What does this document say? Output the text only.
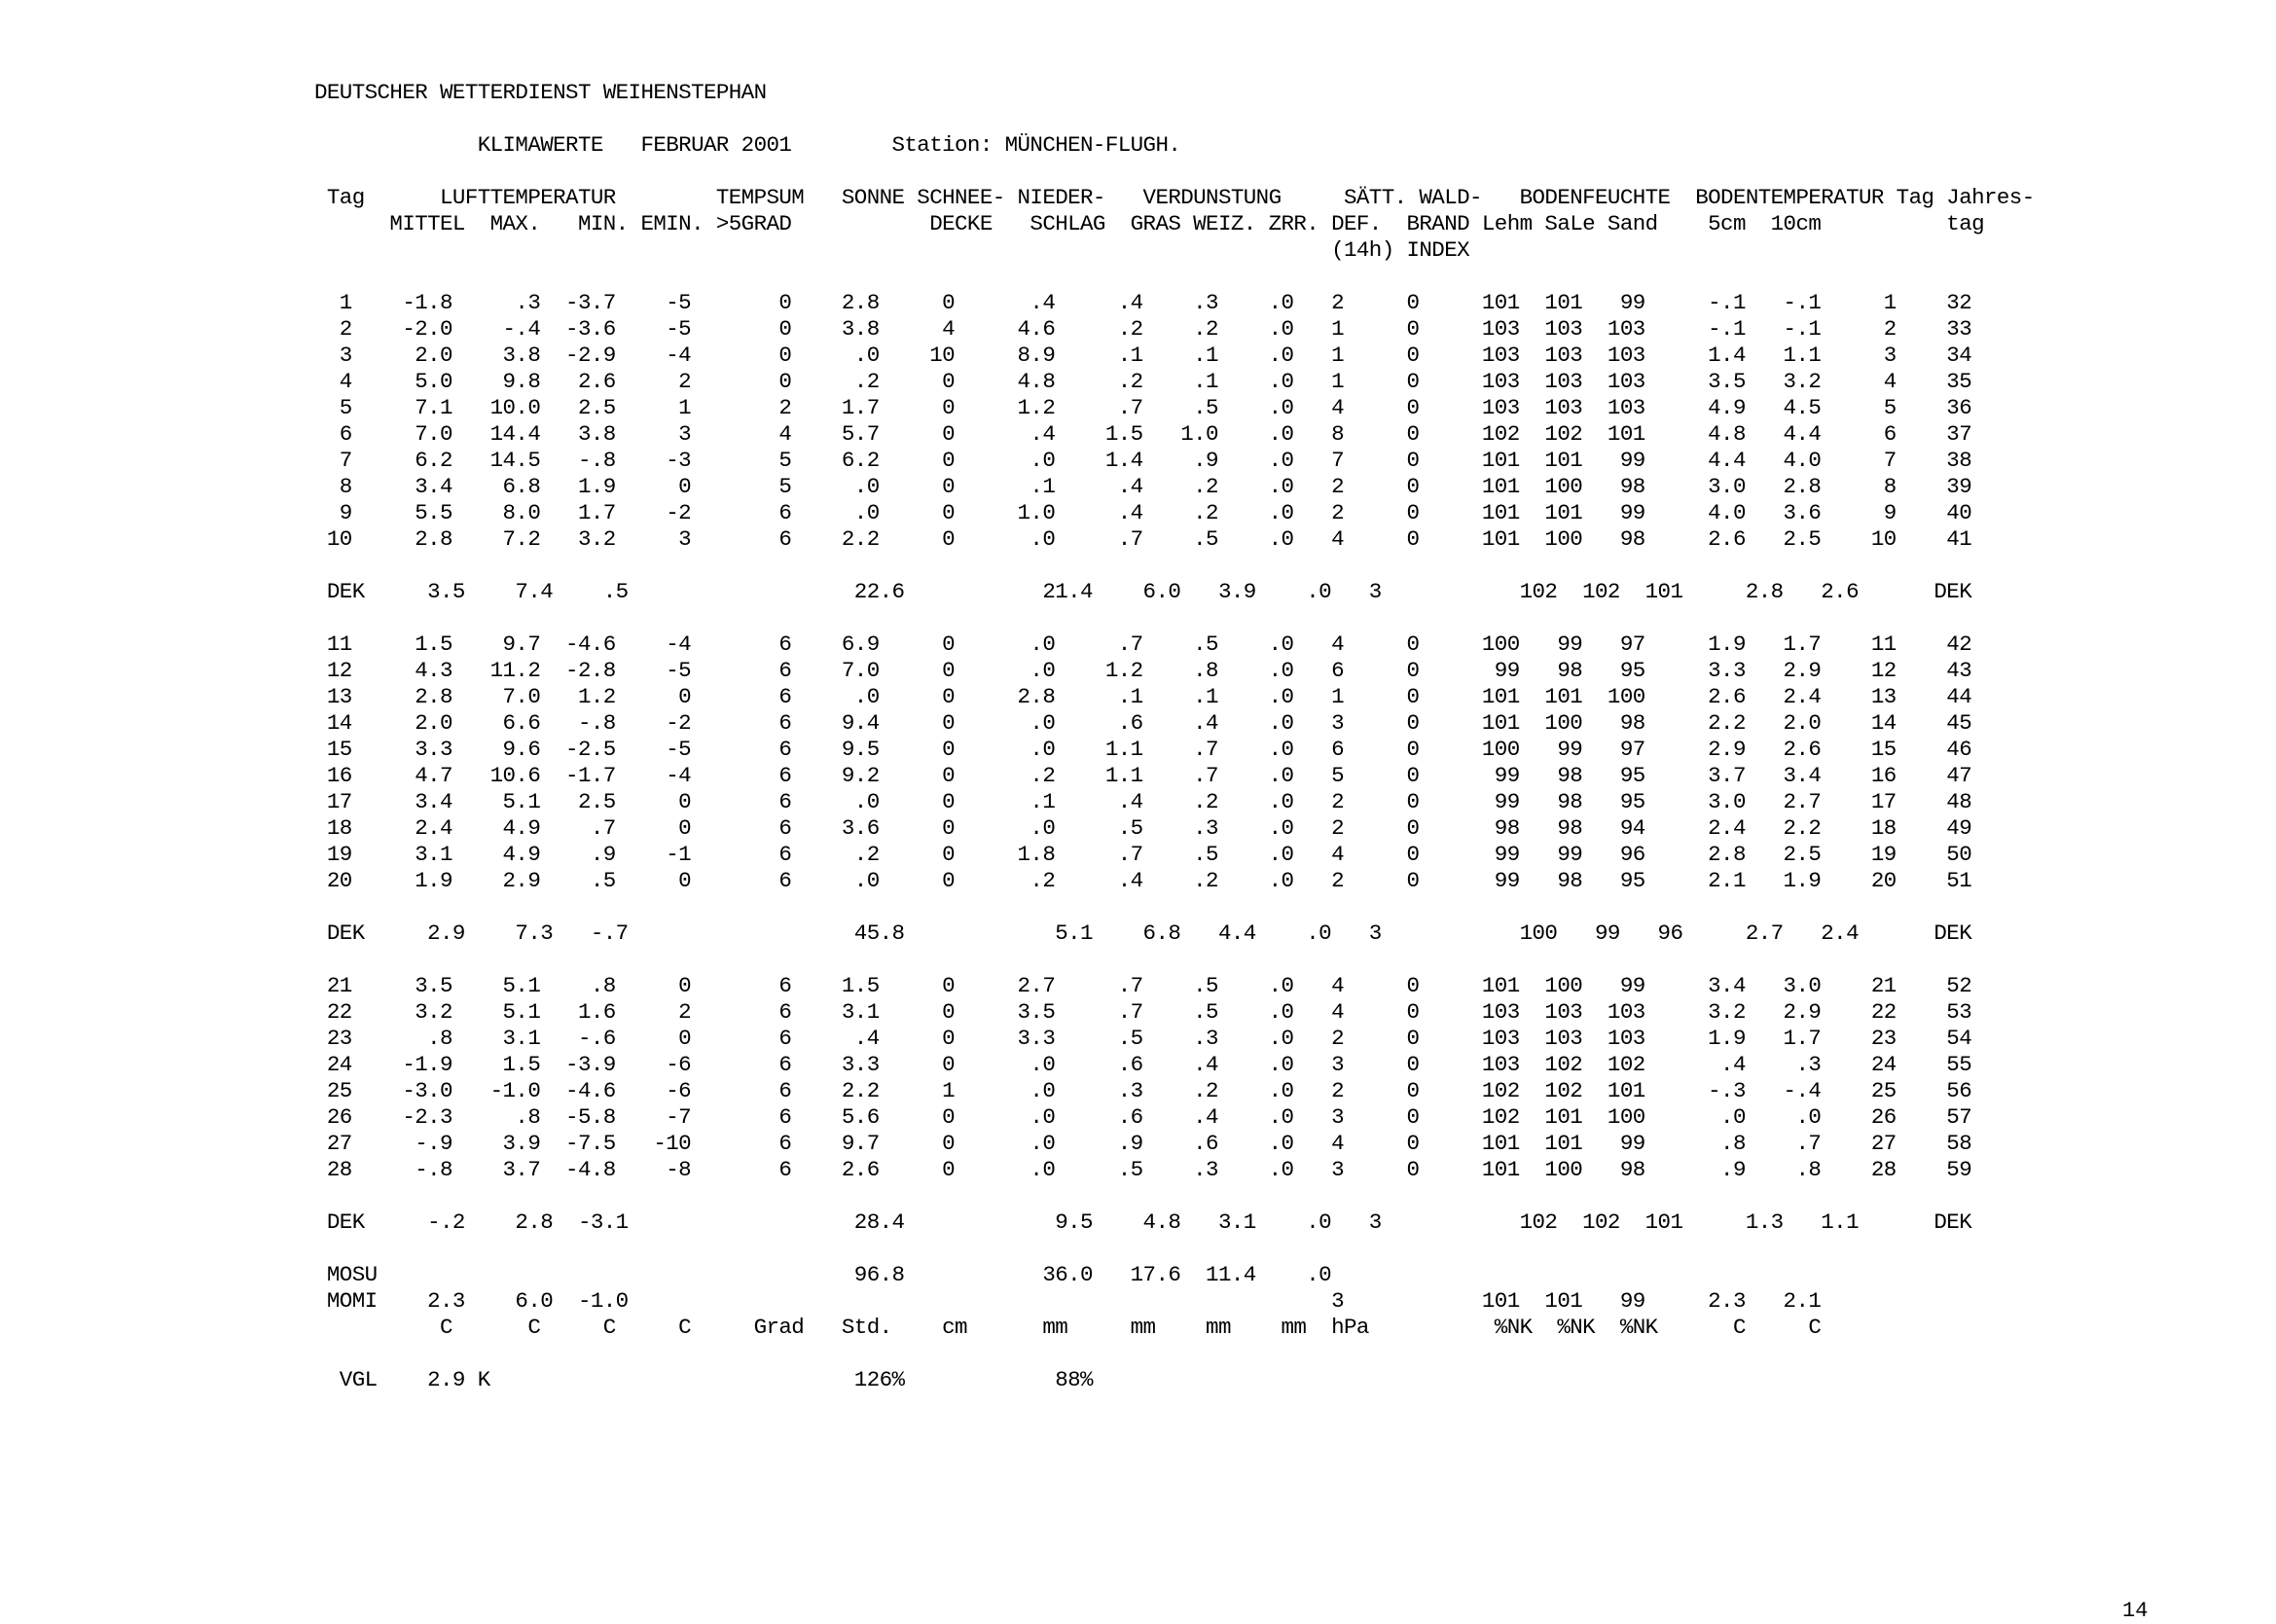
DEUTSCHER WETTERDIENST WEIHENSTEPHAN
KLIMAWERTE   FEBRUAR 2001        Station: MÜNCHEN-FLUGH.
Tag      LUFTTEMPERATUR        TEMPSUM   SONNE SCHNEE- NIEDER-   VERDUNSTUNG     SÄTT. WALD-   BODENFEUCHTE  BODENTEMPERATUR Tag Jahres-
MITTEL  MAX.   MIN. EMIN. >5GRAD           DECKE   SCHLAG  GRAS WEIZ. ZRR. DEF.  BRAND Lehm SaLe Sand    5cm  10cm          tag
(14h) INDEX
1    -1.8     .3  -3.7    -5       0    2.8     0      .4     .4    .3    .0   2     0     101  101   99     -.1   -.1     1    32
2    -2.0    -.4  -3.6    -5       0    3.8     4     4.6     .2    .2    .0   1     0     103  103  103     -.1   -.1     2    33
3     2.0    3.8  -2.9    -4       0     .0    10     8.9     .1    .1    .0   1     0     103  103  103     1.4   1.1     3    34
4     5.0    9.8   2.6     2       0     .2     0     4.8     .2    .1    .0   1     0     103  103  103     3.5   3.2     4    35
5     7.1   10.0   2.5     1       2    1.7     0     1.2     .7    .5    .0   4     0     103  103  103     4.9   4.5     5    36
6     7.0   14.4   3.8     3       4    5.7     0      .4    1.5   1.0    .0   8     0     102  102  101     4.8   4.4     6    37
7     6.2   14.5   -.8    -3       5    6.2     0      .0    1.4    .9    .0   7     0     101  101   99     4.4   4.0     7    38
8     3.4    6.8   1.9     0       5     .0     0      .1     .4    .2    .0   2     0     101  100   98     3.0   2.8     8    39
9     5.5    8.0   1.7    -2       6     .0     0     1.0     .4    .2    .0   2     0     101  101   99     4.0   3.6     9    40
10     2.8    7.2   3.2     3       6    2.2     0      .0     .7    .5    .0   4     0     101  100   98     2.6   2.5    10    41
DEK     3.5    7.4    .5                  22.6           21.4    6.0   3.9    .0   3           102  102  101     2.8   2.6      DEK
11     1.5    9.7  -4.6    -4       6    6.9     0      .0     .7    .5    .0   4     0     100   99   97     1.9   1.7    11    42
12     4.3   11.2  -2.8    -5       6    7.0     0      .0    1.2    .8    .0   6     0      99   98   95     3.3   2.9    12    43
13     2.8    7.0   1.2     0       6     .0     0     2.8     .1    .1    .0   1     0     101  101  100     2.6   2.4    13    44
14     2.0    6.6   -.8    -2       6    9.4     0      .0     .6    .4    .0   3     0     101  100   98     2.2   2.0    14    45
15     3.3    9.6  -2.5    -5       6    9.5     0      .0    1.1    .7    .0   6     0     100   99   97     2.9   2.6    15    46
16     4.7   10.6  -1.7    -4       6    9.2     0      .2    1.1    .7    .0   5     0      99   98   95     3.7   3.4    16    47
17     3.4    5.1   2.5     0       6     .0     0      .1     .4    .2    .0   2     0      99   98   95     3.0   2.7    17    48
18     2.4    4.9    .7     0       6    3.6     0      .0     .5    .3    .0   2     0      98   98   94     2.4   2.2    18    49
19     3.1    4.9    .9    -1       6     .2     0     1.8     .7    .5    .0   4     0      99   99   96     2.8   2.5    19    50
20     1.9    2.9    .5     0       6     .0     0      .2     .4    .2    .0   2     0      99   98   95     2.1   1.9    20    51
DEK     2.9    7.3   -.7                  45.8            5.1    6.8   4.4    .0   3           100   99   96     2.7   2.4      DEK
21     3.5    5.1    .8     0       6    1.5     0     2.7     .7    .5    .0   4     0     101  100   99     3.4   3.0    21    52
22     3.2    5.1   1.6     2       6    3.1     0     3.5     .7    .5    .0   4     0     103  103  103     3.2   2.9    22    53
23      .8    3.1   -.6     0       6     .4     0     3.3     .5    .3    .0   2     0     103  103  103     1.9   1.7    23    54
24    -1.9    1.5  -3.9    -6       6    3.3     0      .0     .6    .4    .0   3     0     103  102  102      .4    .3    24    55
25    -3.0   -1.0  -4.6    -6       6    2.2     1      .0     .3    .2    .0   2     0     102  102  101     -.3   -.4    25    56
26    -2.3     .8  -5.8    -7       6    5.6     0      .0     .6    .4    .0   3     0     102  101  100      .0    .0    26    57
27     -.9    3.9  -7.5   -10       6    9.7     0      .0     .9    .6    .0   4     0     101  101   99      .8    .7    27    58
28     -.8    3.7  -4.8    -8       6    2.6     0      .0     .5    .3    .0   3     0     101  100   98      .9    .8    28    59
DEK     -.2    2.8  -3.1                  28.4            9.5    4.8   3.1    .0   3           102  102  101     1.3   1.1      DEK
MOSU                                      96.8           36.0   17.6  11.4    .0
MOMI    2.3    6.0  -1.0                                                        3           101  101   99     2.3   2.1
C      C     C     C     Grad   Std.    cm      mm     mm    mm    mm  hPa          %NK  %NK  %NK      C     C
VGL    2.9 K                             126%            88%
14
